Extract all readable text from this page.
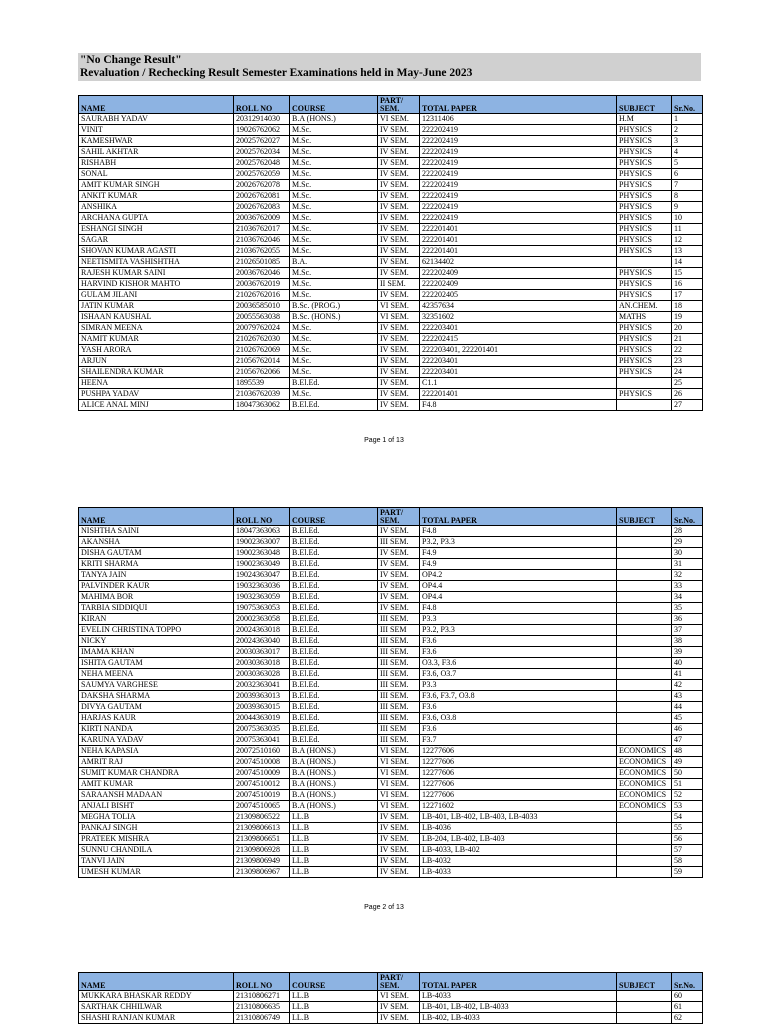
"No Change Result"
Revaluation / Rechecking Result Semester Examinations held in May-June 2023
NAME	ROLL NO	COURSE	PART/ SEM.	TOTAL PAPER	SUBJECT	Sr.No.
SAURABH YADAV	20312914030	B.A (HONS.)	VI SEM.	12311406	H.M	1
VINIT	19026762062	M.Sc.	IV SEM.	222202419	PHYSICS	2
KAMESHWAR	20025762027	M.Sc.	IV SEM.	222202419	PHYSICS	3
SAHIL AKHTAR	20025762034	M.Sc.	IV SEM.	222202419	PHYSICS	4
RISHABH	20025762048	M.Sc.	IV SEM.	222202419	PHYSICS	5
SONAL	20025762059	M.Sc.	IV SEM.	222202419	PHYSICS	6
AMIT KUMAR SINGH	20026762078	M.Sc.	IV SEM.	222202419	PHYSICS	7
ANKIT KUMAR	20026762081	M.Sc.	IV SEM.	222202419	PHYSICS	8
ANSHIKA	20026762083	M.Sc.	IV SEM.	222202419	PHYSICS	9
ARCHANA GUPTA	20036762009	M.Sc.	IV SEM.	222202419	PHYSICS	10
ESHANGI SINGH	21036762017	M.Sc.	IV SEM.	222201401	PHYSICS	11
SAGAR	21036762046	M.Sc.	IV SEM.	222201401	PHYSICS	12
SHOVAN KUMAR AGASTI	21036762055	M.Sc.	IV SEM.	222201401	PHYSICS	13
NEETISMITA VASHISHTHA	21026501085	B.A.	IV SEM.	62134402		14
RAJESH KUMAR SAINI	20036762046	M.Sc.	IV SEM.	222202409	PHYSICS	15
HARVIND KISHOR MAHTO	20036762019	M.Sc.	II SEM.	222202409	PHYSICS	16
GULAM JILANI	21026762016	M.Sc.	IV SEM.	222202405	PHYSICS	17
JATIN KUMAR	20036585010	B.Sc. (PROG.)	VI SEM.	42357634	AN.CHEM.	18
ISHAAN KAUSHAL	20055563038	B.Sc. (HONS.)	VI SEM.	32351602	MATHS	19
SIMRAN MEENA	20079762024	M.Sc.	IV SEM.	222203401	PHYSICS	20
NAMIT KUMAR	21026762030	M.Sc.	IV SEM.	222202415	PHYSICS	21
YASH ARORA	21026762069	M.Sc.	IV SEM.	222203401, 222201401	PHYSICS	22
ARJUN	21056762014	M.Sc.	IV SEM.	222203401	PHYSICS	23
SHAILENDRA KUMAR	21056762066	M.Sc.	IV SEM.	222203401	PHYSICS	24
HEENA	1895539	B.El.Ed.	IV SEM.	C1.1		25
PUSHPA YADAV	21036762039	M.Sc.	IV SEM.	222201401	PHYSICS	26
ALICE ANAL MINJ	18047363062	B.El.Ed.	IV SEM.	F4.8		27
Page 1 of 13
NAME	ROLL NO	COURSE	PART/ SEM.	TOTAL PAPER	SUBJECT	Sr.No.
NISHTHA SAINI	18047363063	B.El.Ed.	IV SEM.	F4.8		28
AKANSHA	19002363007	B.El.Ed.	III SEM.	P3.2, P3.3		29
DISHA GAUTAM	19002363048	B.El.Ed.	IV SEM.	F4.9		30
KRITI SHARMA	19002363049	B.El.Ed.	IV SEM.	F4.9		31
TANYA JAIN	19024363047	B.El.Ed.	IV SEM.	OP4.2		32
PALVINDER KAUR	19032363036	B.El.Ed.	IV SEM.	OP4.4		33
MAHIMA BOR	19032363059	B.El.Ed.	IV SEM.	OP4.4		34
TARBIA SIDDIQUI	19075363053	B.El.Ed.	IV SEM.	F4.8		35
KIRAN	20002363058	B.El.Ed.	III SEM.	P3.3		36
EVELIN CHRISTINA TOPPO	20024363018	B.El.Ed.	III SEM	P3.2, P3.3		37
NICKY	20024363040	B.El.Ed.	III SEM.	F3.6		38
IMAMA KHAN	20030363017	B.El.Ed.	III SEM.	F3.6		39
ISHITA GAUTAM	20030363018	B.El.Ed.	III SEM.	O3.3, F3.6		40
NEHA MEENA	20030363028	B.El.Ed.	III SEM.	F3.6, O3.7		41
SAUMYA VARGHESE	20032363041	B.El.Ed.	III SEM.	P3.3		42
DAKSHA SHARMA	20039363013	B.El.Ed.	III SEM.	F3.6, F3.7, O3.8		43
DIVYA GAUTAM	20039363015	B.El.Ed.	III SEM.	F3.6		44
HARJAS KAUR	20044363019	B.El.Ed.	III SEM.	F3.6, O3.8		45
KIRTI NANDA	20075363035	B.El.Ed.	III SEM	F3.6		46
KARUNA YADAV	20075363041	B.El.Ed.	III SEM.	F3.7		47
NEHA KAPASIA	20072510160	B.A (HONS.)	VI SEM.	12277606	ECONOMICS	48
AMRIT RAJ	20074510008	B.A (HONS.)	VI SEM.	12277606	ECONOMICS	49
SUMIT KUMAR CHANDRA	20074510009	B.A (HONS.)	VI SEM.	12277606	ECONOMICS	50
AMIT KUMAR	20074510012	B.A (HONS.)	VI SEM.	12277606	ECONOMICS	51
SARAANSH MADAAN	20074510019	B.A (HONS.)	VI SEM.	12277606	ECONOMICS	52
ANJALI BISHT	20074510065	B.A (HONS.)	VI SEM.	12271602	ECONOMICS	53
MEGHA TOLIA	21309806522	LL.B	IV SEM.	LB-401, LB-402, LB-403, LB-4033		54
PANKAJ SINGH	21309806613	LL.B	IV SEM.	LB-4036		55
PRATEEK MISHRA	21309806651	LL.B	IV SEM.	LB-204, LB-402, LB-403		56
SUNNU CHANDILA	21309806928	LL.B	IV SEM.	LB-4033, LB-402		57
TANVI JAIN	21309806949	LL.B	IV SEM.	LB-4032		58
UMESH KUMAR	21309806967	LL.B	IV SEM.	LB-4033		59
Page 2 of 13
NAME	ROLL NO	COURSE	PART/ SEM.	TOTAL PAPER	SUBJECT	Sr.No.
MUKKARA BHASKAR REDDY	21310806271	LL.B	VI SEM.	LB-4033		60
SARTHAK CHHILWAR	21310806635	LL.B	IV SEM.	LB-401, LB-402, LB-4033		61
SHASHI RANJAN KUMAR	21310806749	LL.B	IV SEM.	LB-402, LB-4033		62
